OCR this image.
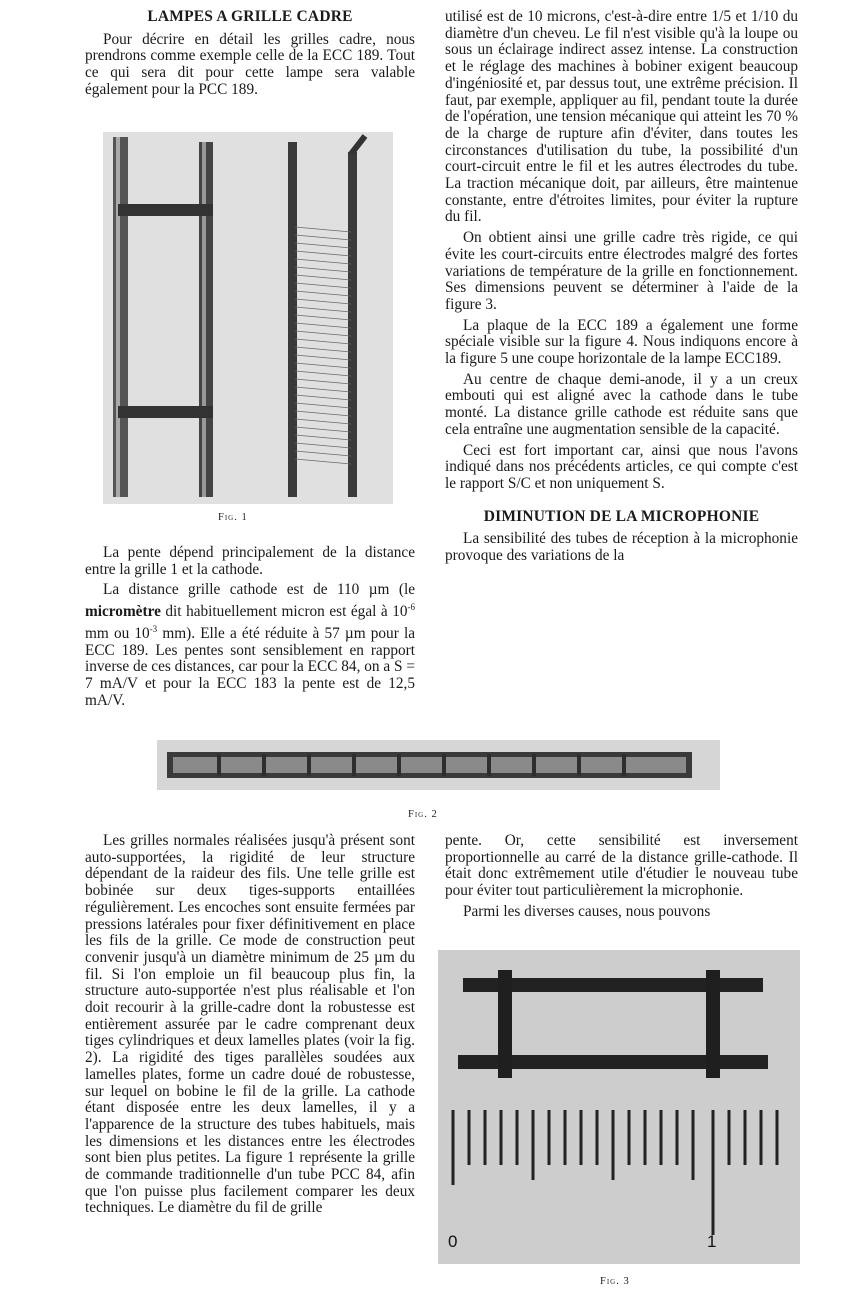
LAMPES A GRILLE CADRE

Pour décrire en détail les grilles cadre, nous prendrons comme exemple celle de la ECC 189. Tout ce qui sera dit pour cette lampe sera valable également pour la PCC 189.

Fig. 1

La pente dépend principalement de la distance entre la grille 1 et la cathode.

La distance grille cathode est de 110 µm (le micromètre dit habituellement micron est égal à $10^{-6}$ mm ou $10^{-3}$ mm). Elle a été réduite à 57 µm pour la ECC 189. Les pentes sont sensiblement en rapport inverse de ces distances, car pour la ECC 84, on a S = 7 mA/V et pour la ECC 183 la pente est de 12,5 mA/V.

utilisé est de 10 microns, c'est-à-dire entre 1/5 et 1/10 du diamètre d'un cheveu. Le fil n'est visible qu'à la loupe ou sous un éclairage indirect assez intense. La construction et le réglage des machines à bobiner exigent beaucoup d'ingéniosité et, par dessus tout, une extrême précision. Il faut, par exemple, appliquer au fil, pendant toute la durée de l'opération, une tension mécanique qui atteint les 70 % de la charge de rupture afin d'éviter, dans toutes les circonstances d'utilisation du tube, la possibilité d'un court-circuit entre le fil et les autres électrodes du tube. La traction mécanique doit, par ailleurs, être maintenue constante, entre d'étroites limites, pour éviter la rupture du fil.

On obtient ainsi une grille cadre très rigide, ce qui évite les court-circuits entre électrodes malgré des fortes variations de température de la grille en fonctionnement. Ses dimensions peuvent se déterminer à l'aide de la figure 3.

La plaque de la ECC 189 a également une forme spéciale visible sur la figure 4. Nous indiquons encore à la figure 5 une coupe horizontale de la lampe ECC189.

Au centre de chaque demi-anode, il y a un creux embouti qui est aligné avec la cathode dans le tube monté. La distance grille cathode est réduite sans que cela entraîne une augmentation sensible de la capacité.

Ceci est fort important car, ainsi que nous l'avons indiqué dans nos précédents articles, ce qui compte c'est le rapport S/C et non uniquement S.

DIMINUTION DE LA MICROPHONIE

La sensibilité des tubes de réception à la microphonie provoque des variations de la

Fig. 2

Les grilles normales réalisées jusqu'à présent sont auto-supportées, la rigidité de leur structure dépendant de la raideur des fils. Une telle grille est bobinée sur deux tiges-supports entaillées régulièrement. Les encoches sont ensuite fermées par pressions latérales pour fixer définitivement en place les fils de la grille. Ce mode de construction peut convenir jusqu'à un diamètre minimum de 25 µm du fil. Si l'on emploie un fil beaucoup plus fin, la structure auto-supportée n'est plus réalisable et l'on doit recourir à la grille-cadre dont la robustesse est entièrement assurée par le cadre comprenant deux tiges cylindriques et deux lamelles plates (voir la fig. 2). La rigidité des tiges parallèles soudées aux lamelles plates, forme un cadre doué de robustesse, sur lequel on bobine le fil de la grille. La cathode étant disposée entre les deux lamelles, il y a l'apparence de la structure des tubes habituels, mais les dimensions et les distances entre les électrodes sont bien plus petites. La figure 1 représente la grille de commande traditionnelle d'un tube PCC 84, afin que l'on puisse plus facilement comparer les deux techniques. Le diamètre du fil de grille

pente. Or, cette sensibilité est inversement proportionnelle au carré de la distance grille-cathode. Il était donc extrêmement utile d'étudier le nouveau tube pour éviter tout particulièrement la microphonie.

Parmi les diverses causes, nous pouvons

0	1
Fig. 3
